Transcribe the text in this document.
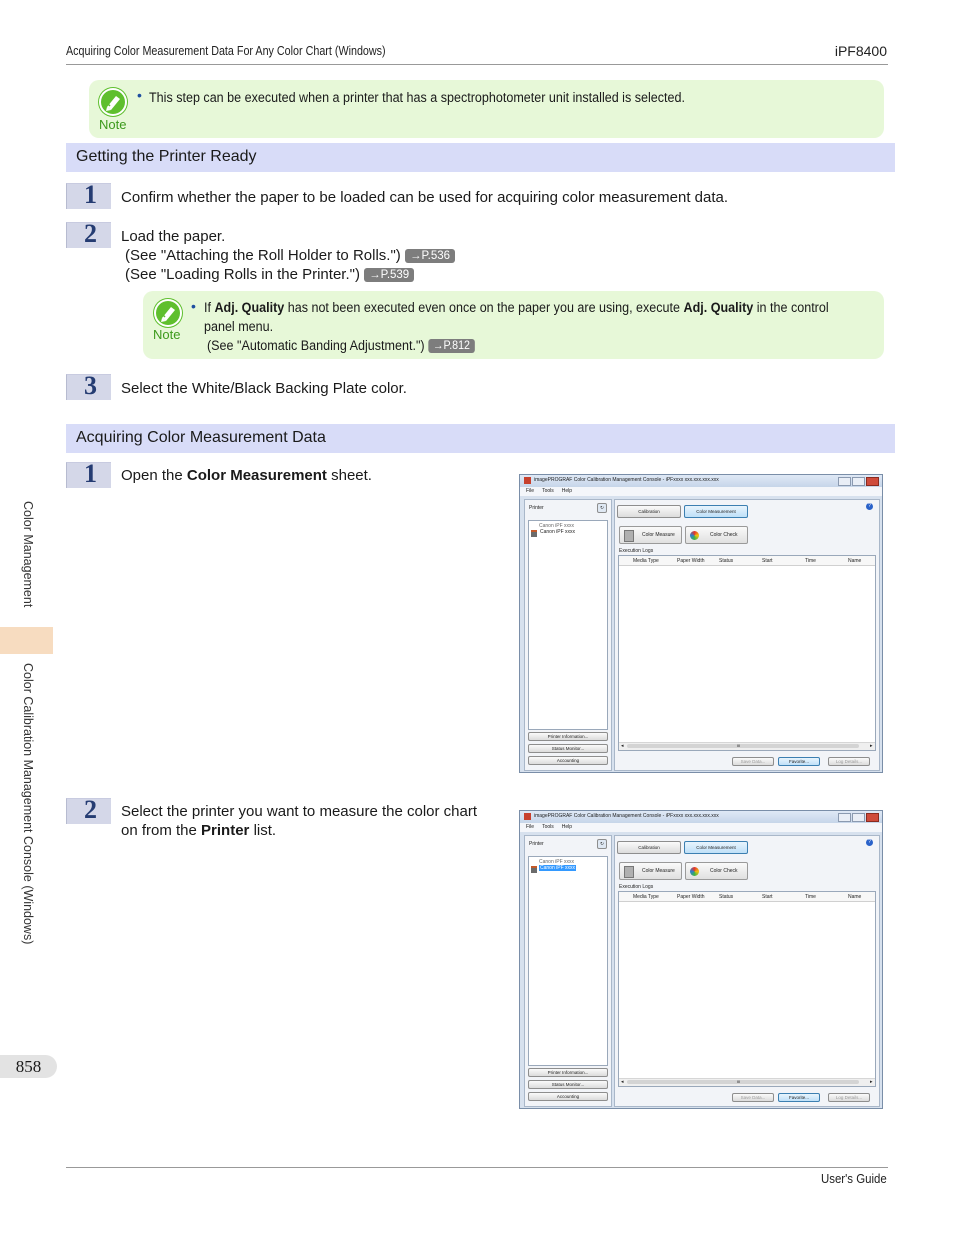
Acquiring Color Measurement Data For Any Color Chart (Windows)	iPF8400
Color Management
Color Calibration Management Console (Windows)
858
Note
• This step can be executed when a printer that has a spectrophotometer unit installed is selected.
Getting the Printer Ready
1 Confirm whether the paper to be loaded can be used for acquiring color measurement data.
2 Load the paper.
(See "Attaching the Roll Holder to Rolls.") →P.536
(See "Loading Rolls in the Printer.") →P.539
Note
• If Adj. Quality has not been executed even once on the paper you are using, execute Adj. Quality in the control
panel menu.
(See "Automatic Banding Adjustment.") →P.812
3 Select the White/Black Backing Plate color.
Acquiring Color Measurement Data
1 Open the Color Measurement sheet.
2 Select the printer you want to measure the color chart
on from the Printer list.
imagePROGRAF Color Calibration Management Console - iPFxxxx xxx.xxx.xxx.xxx
File Tools Help
Printer	↻
Canon iPF xxxx
Canon iPF xxxx
Printer Information...
Status Monitor...
Accounting
Calibration	Color Measurement
?
Color Measure	Color Check
Execution Logs
Media Type	Paper Width	Status	Start	Time	Name
◂	III	▸
Save Data...	Favorite...	Log Details...
imagePROGRAF Color Calibration Management Console - iPFxxxx xxx.xxx.xxx.xxx
File Tools Help
Printer	↻
Canon iPF xxxx
Canon iPF xxxx
Printer Information...
Status Monitor...
Accounting
Calibration	Color Measurement
?
Color Measure	Color Check
Execution Logs
Media Type	Paper Width	Status	Start	Time	Name
◂	III	▸
Save Data...	Favorite...	Log Details...
User's Guide
